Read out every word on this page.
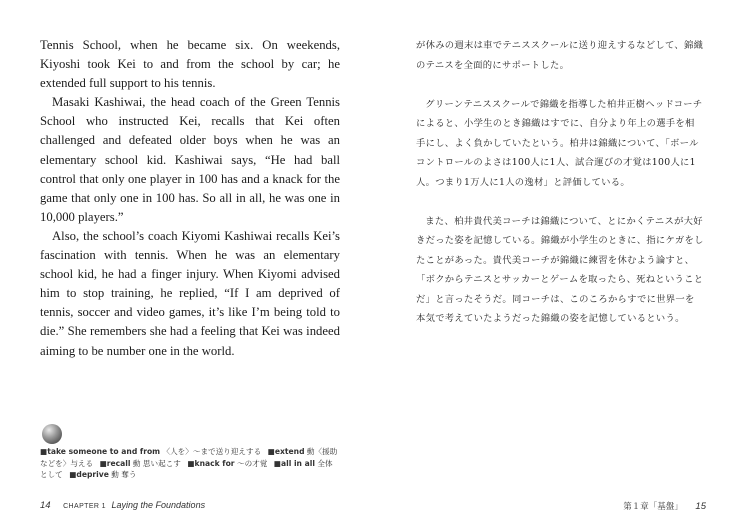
Tennis School, when he became six. On weekends, Kiyoshi took Kei to and from the school by car; he extended full support to his tennis.

Masaki Kashiwai, the head coach of the Green Tennis School who instructed Kei, recalls that Kei often challenged and defeated older boys when he was an elementary school kid. Kashiwai says, “He had ball control that only one player in 100 has and a knack for the game that only one in 100 has. So all in all, he was one in 10,000 players.”

Also, the school’s coach Kiyomi Kashiwai recalls Kei’s fascination with tennis. When he was an elementary school kid, he had a finger injury. When Kiyomi advised him to stop training, he replied, “If I am deprived of tennis, soccer and video games, it’s like I’m being told to die.” She remembers she had a feeling that Kei was indeed aiming to be number one in the world.

■take someone to and from 〈人を〉～まで送り迎えする ■extend 動〈援助などを〉与える ■recall 動 思い起こす ■knack for ～の才覚 ■all in all 全体として ■deprive 動 奪う
14 CHAPTER 1 Laying the Foundations

が休みの週末は車でテニススクールに送り迎えするなどして、錦織のテニスを全面的にサポートした。

グリーンテニススクールで錦織を指導した柏井正樹ヘッドコーチによると、小学生のとき錦織はすでに、自分より年上の選手を相手にし、よく負かしていたという。柏井は錦織について、「ボールコントロールのよさは100人に1人、試合運びの才覚は100人に1人。つまり1万人に1人の逸材」と評価している。

また、柏井貴代美コーチは錦織について、とにかくテニスが大好きだった姿を記憶している。錦織が小学生のときに、指にケガをしたことがあった。貴代美コーチが錦織に練習を休むよう論すと、「ボクからテニスとサッカーとゲームを取ったら、死ねということだ」と言ったそうだ。同コーチは、このころからすでに世界一を本気で考えていたようだった錦織の姿を記憶しているという。

第１章「基盤」 15
